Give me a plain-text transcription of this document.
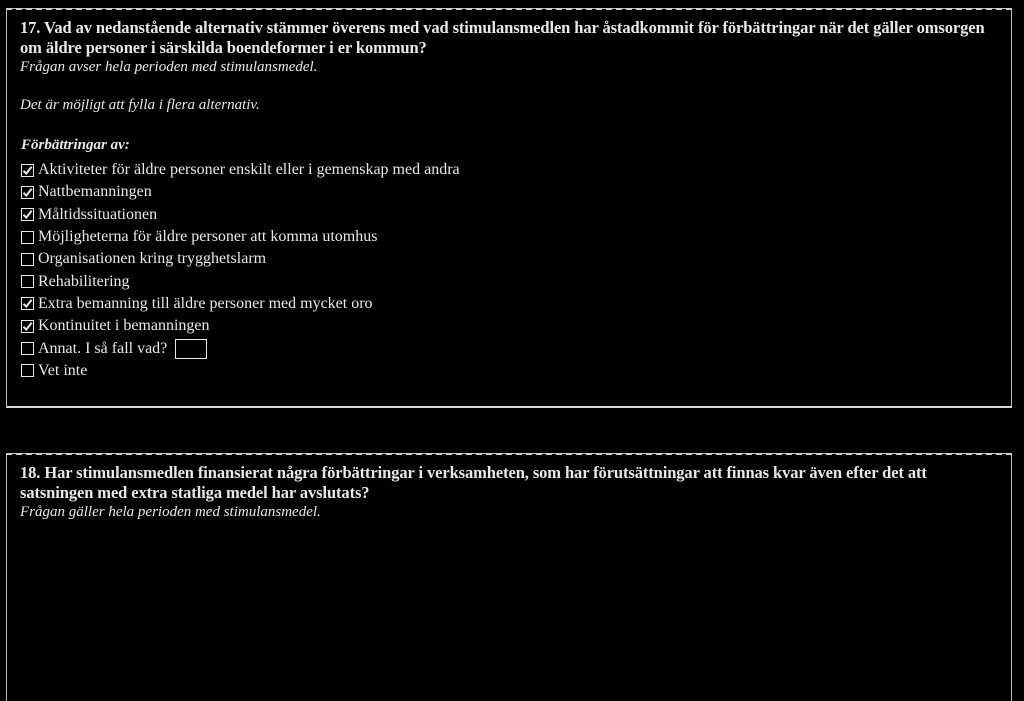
17. Vad av nedanstående alternativ stämmer överens med vad stimulansmedlen har åstadkommit för förbättringar när det gäller omsorgen om äldre personer i särskilda boendeformer i er kommun?
Frågan avser hela perioden med stimulansmedel.
Det är möjligt att fylla i flera alternativ.
Förbättringar av:
Aktiviteter för äldre personer enskilt eller i gemenskap med andra
Nattbemanningen
Måltidssituationen
Möjligheterna för äldre personer att komma utomhus
Organisationen kring trygghetslarm
Rehabilitering
Extra bemanning till äldre personer med mycket oro
Kontinuitet i bemanningen
Annat. I så fall vad?
Vet inte
18. Har stimulansmedlen finansierat några förbättringar i verksamheten, som har förutsättningar att finnas kvar även efter det att satsningen med extra statliga medel har avslutats?
Frågan gäller hela perioden med stimulansmedel.
